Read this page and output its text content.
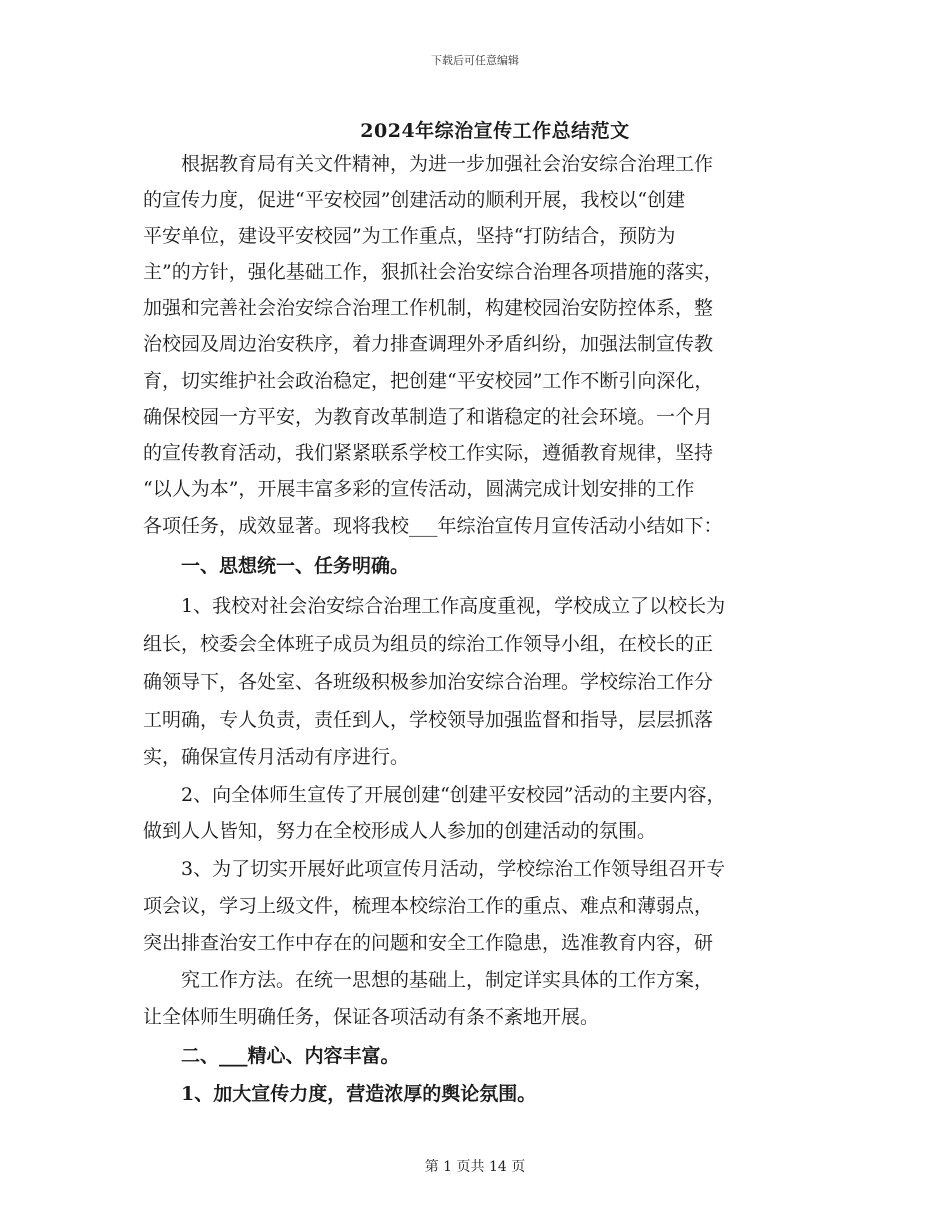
下载后可任意编辑
2024年综治宣传工作总结范文
　　根据教育局有关文件精神，为进一步加强社会治安综合治理工作
的宣传力度，促进“平安校园”创建活动的顺利开展，我校以“创建
平安单位，建设平安校园”为工作重点，坚持“打防结合，预防为
主”的方针，强化基础工作，狠抓社会治安综合治理各项措施的落实，
加强和完善社会治安综合治理工作机制，构建校园治安防控体系，整
治校园及周边治安秩序，着力排查调理外矛盾纠纷，加强法制宣传教
育，切实维护社会政治稳定，把创建“平安校园”工作不断引向深化，
确保校园一方平安，为教育改革制造了和谐稳定的社会环境。一个月
的宣传教育活动，我们紧紧联系学校工作实际，遵循教育规律，坚持
“以人为本”，开展丰富多彩的宣传活动，圆满完成计划安排的工作
各项任务，成效显著。现将我校___年综治宣传月宣传活动小结如下：
　　一、思想统一、任务明确。
　　1、我校对社会治安综合治理工作高度重视，学校成立了以校长为
组长，校委会全体班子成员为组员的综治工作领导小组，在校长的正
确领导下，各处室、各班级积极参加治安综合治理。学校综治工作分
工明确，专人负责，责任到人，学校领导加强监督和指导，层层抓落
实，确保宣传月活动有序进行。
　　2、向全体师生宣传了开展创建“创建平安校园”活动的主要内容，
做到人人皆知，努力在全校形成人人参加的创建活动的氛围。
　　3、为了切实开展好此项宣传月活动，学校综治工作领导组召开专
项会议，学习上级文件，梳理本校综治工作的重点、难点和薄弱点，
突出排查治安工作中存在的问题和安全工作隐患，选准教育内容，研
　　究工作方法。在统一思想的基础上，制定详实具体的工作方案，
让全体师生明确任务，保证各项活动有条不紊地开展。
　　二、___精心、内容丰富。
　　1、加大宣传力度，营造浓厚的舆论氛围。
第 1 页共 14 页
